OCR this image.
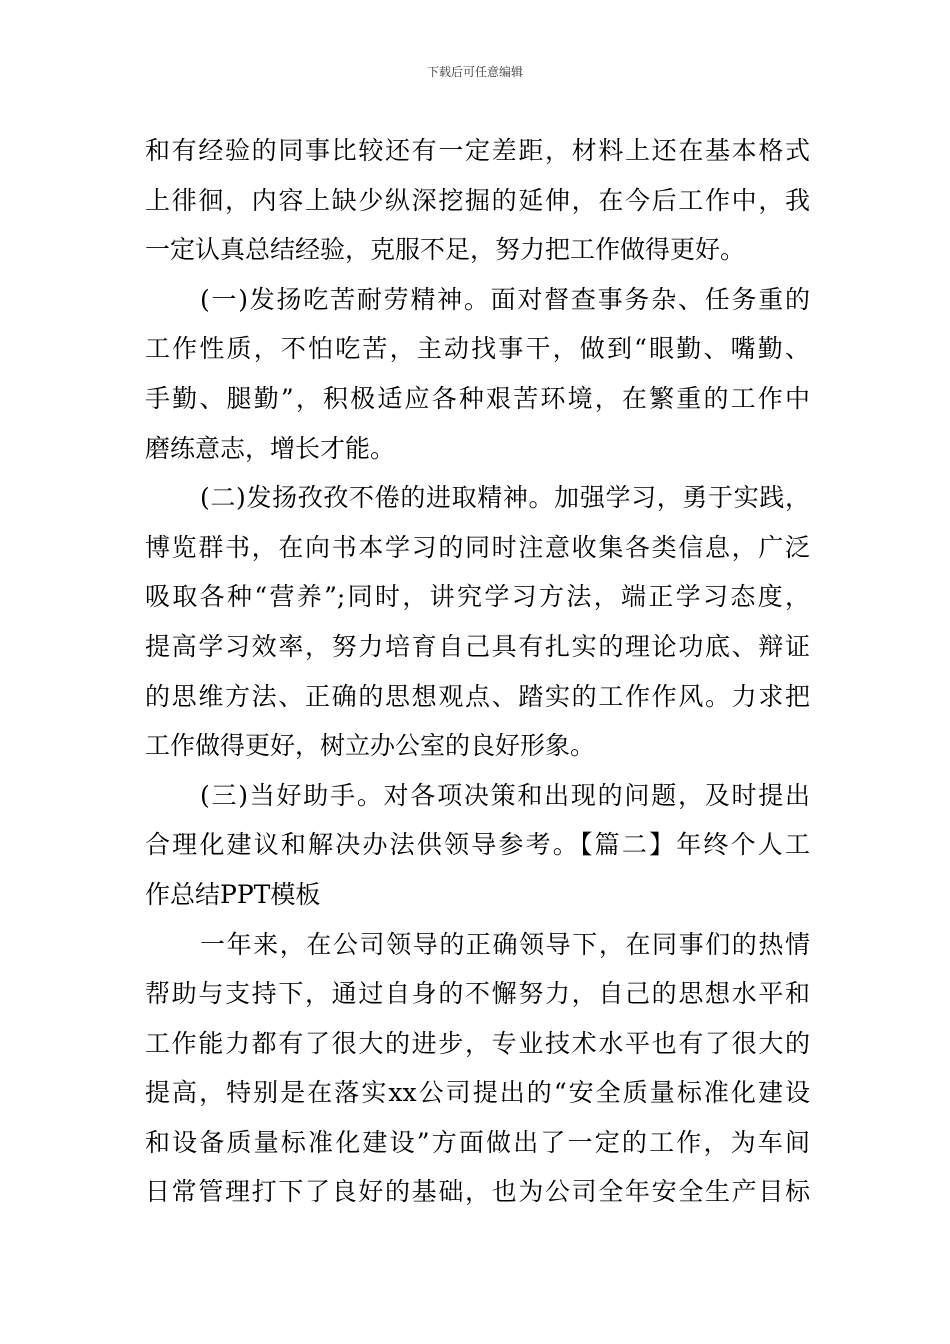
下载后可任意编辑
和有经验的同事比较还有一定差距，材料上还在基本格式
上徘徊，内容上缺少纵深挖掘的延伸，在今后工作中，我
一定认真总结经验，克服不足，努力把工作做得更好。
(一)发扬吃苦耐劳精神。面对督查事务杂、任务重的
工作性质，不怕吃苦，主动找事干，做到“眼勤、嘴勤、
手勤、腿勤”，积极适应各种艰苦环境，在繁重的工作中
磨练意志，增长才能。
(二)发扬孜孜不倦的进取精神。加强学习，勇于实践，
博览群书，在向书本学习的同时注意收集各类信息，广泛
吸取各种“营养”;同时，讲究学习方法，端正学习态度，
提高学习效率，努力培育自己具有扎实的理论功底、辩证
的思维方法、正确的思想观点、踏实的工作作风。力求把
工作做得更好，树立办公室的良好形象。
(三)当好助手。对各项决策和出现的问题，及时提出
合理化建议和解决办法供领导参考。【篇二】年终个人工
作总结PPT模板
一年来，在公司领导的正确领导下，在同事们的热情
帮助与支持下，通过自身的不懈努力，自己的思想水平和
工作能力都有了很大的进步，专业技术水平也有了很大的
提高，特别是在落实xx公司提出的“安全质量标准化建设
和设备质量标准化建设”方面做出了一定的工作，为车间
日常管理打下了良好的基础，也为公司全年安全生产目标
